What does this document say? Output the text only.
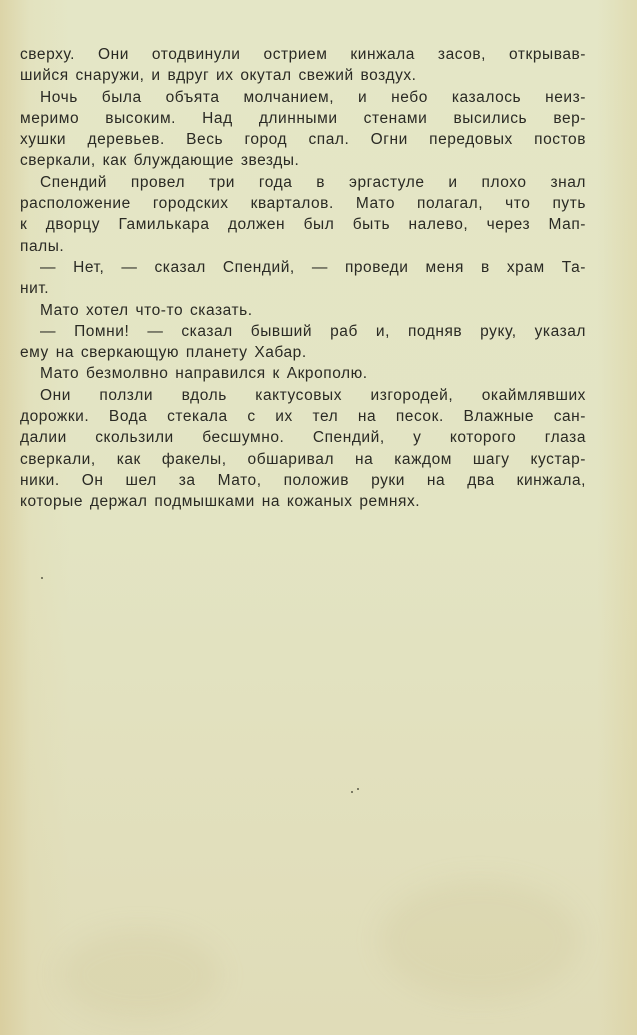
сверху. Они отодвинули острием кинжала засов, открывав-
шийся снаружи, и вдруг их окутал свежий воздух.
Ночь была объята молчанием, и небо казалось неиз-
меримо высоким. Над длинными стенами высились вер-
хушки деревьев. Весь город спал. Огни передовых постов
сверкали, как блуждающие звезды.
Спендий провел три года в эргастуле и плохо знал
расположение городских кварталов. Мато полагал, что путь
к дворцу Гамилькара должен был быть налево, через Мап-
палы.
— Нет, — сказал Спендий, — проведи меня в храм Та-
нит.
Мато хотел что-то сказать.
— Помни! — сказал бывший раб и, подняв руку, указал
ему на сверкающую планету Хабар.
Мато безмолвно направился к Акрополю.
Они ползли вдоль кактусовых изгородей, окаймлявших
дорожки. Вода стекала с их тел на песок. Влажные сан-
далии скользили бесшумно. Спендий, у которого глаза
сверкали, как факелы, обшаривал на каждом шагу кустар-
ники. Он шел за Мато, положив руки на два кинжала,
которые держал подмышками на кожаных ремнях.
